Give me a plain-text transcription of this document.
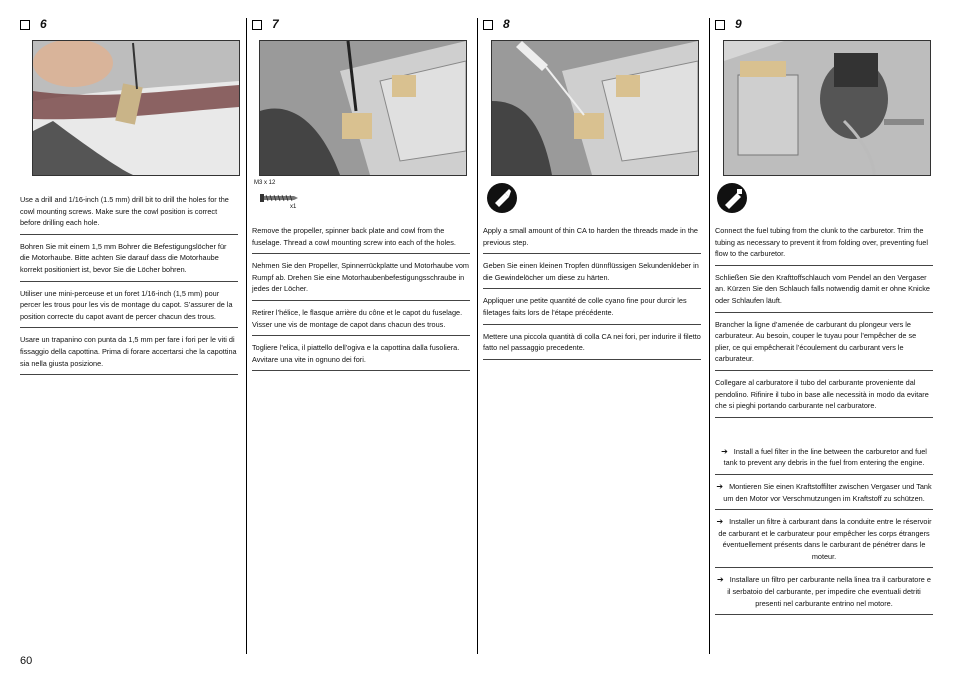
6
Use a drill and 1/16-inch (1.5 mm) drill bit to drill the holes for the cowl mounting screws. Make sure the cowl position is correct before drilling each hole.
Bohren Sie mit einem 1,5 mm Bohrer die Befestigungslöcher für die Motorhaube. Bitte achten Sie darauf dass die Motorhaube korrekt positioniert ist, bevor Sie die Löcher bohren.
Utiliser une mini-perceuse et un foret 1/16-inch (1,5 mm) pour percer les trous pour les vis de montage du capot. S’assurer de la position correcte du capot avant de percer chacun des trous.
Usare un trapanino con punta da 1,5 mm per fare i fori per le viti di fissaggio della capottina. Prima di forare accertarsi che la capottina sia nella giusta posizione.
7
M3 x 12
x1
Remove the propeller, spinner back plate and cowl from the fuselage. Thread a cowl mounting screw into each of the holes.
Nehmen Sie den Propeller, Spinnerrückplatte und Motorhaube vom Rumpf ab. Drehen Sie eine Motorhaubenbefestigungsschraube in jedes der Löcher.
Retirer l’hélice, le flasque arrière du cône et le capot du fuselage. Visser une vis de montage de capot dans chacun des trous.
Togliere l’elica, il piattello dell’ogiva e la capottina dalla fusoliera. Avvitare una vite in ognuno dei fori.
8
Apply a small amount of thin CA to harden the threads made in the previous step.
Geben Sie einen kleinen Tropfen dünnflüssigen Sekundenkleber in die Gewindelöcher um diese zu härten.
Appliquer une petite quantité de colle cyano fine pour durcir les filetages faits lors de l’étape précédente.
Mettere una piccola quantità di colla CA nei fori, per indurire il filetto fatto nel passaggio precedente.
9
Connect the fuel tubing from the clunk to the carburetor. Trim the tubing as necessary to prevent it from folding over, preventing fuel flow to the carburetor.
Schließen Sie den Krafttoffschlauch vom Pendel an den Vergaser an. Kürzen Sie den Schlauch falls notwendig damit er ohne Knicke oder Schlaufen läuft.
Brancher la ligne d’amenée de carburant du plongeur vers le carburateur. Au besoin, couper le tuyau pour l’empêcher de se plier, ce qui empêcherait l’écoulement du carburant vers le carburateur.
Collegare al carburatore il tubo del carburante proveniente dal pendolino. Rifinire il tubo in base alle necessità in modo da evitare che si pieghi portando carburante nel carburatore.
➔ Install a fuel filter in the line between the carburetor and fuel tank to prevent any debris in the fuel from entering the engine.
➔ Montieren Sie einen Kraftstoffilter zwischen Vergaser und Tank um den Motor vor Verschmutzungen im Kraftstoff zu schützen.
➔ Installer un filtre à carburant dans la conduite entre le réservoir de carburant et le carburateur pour empêcher les corps étrangers éventuellement présents dans le carburant de pénétrer dans le moteur.
➔ Installare un filtro per carburante nella linea tra il carburatore e il serbatoio del carburante, per impedire che eventuali detriti presenti nel carburante entrino nel motore.
60
